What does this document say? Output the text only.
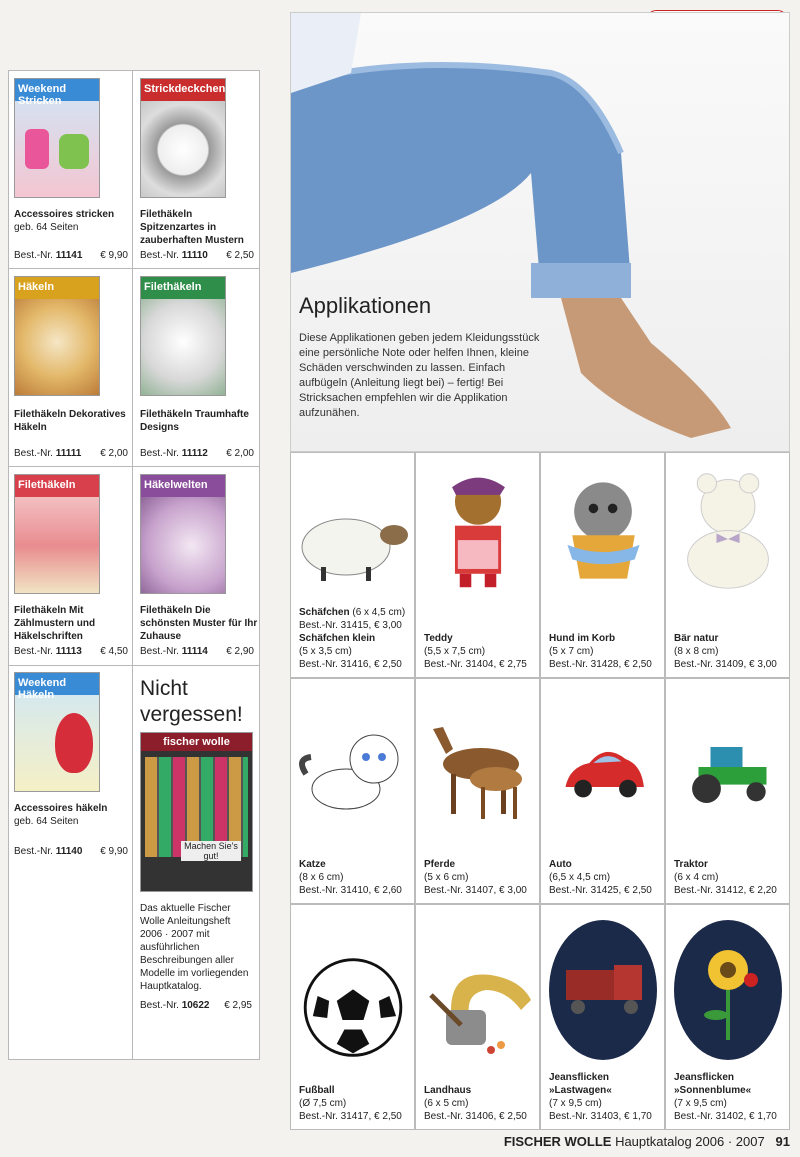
Weekend Stricken
Accessoires stricken
geb. 64 Seiten
Best.-Nr. 11141 € 9,90
Strickdeckchen
Filethäkeln Spitzenzartes in zauberhaften Mustern
Best.-Nr. 11110 € 2,50
Häkeln
Filethäkeln Dekoratives Häkeln
Best.-Nr. 11111 € 2,00
Filethäkeln
Filethäkeln Traumhafte Designs
Best.-Nr. 11112 € 2,00
Filethäkeln
Filethäkeln Mit Zählmustern und Häkelschriften
Best.-Nr. 11113 € 4,50
Häkelwelten
Filethäkeln Die schönsten Muster für Ihr Zuhause
Best.-Nr. 11114 € 2,90
Weekend Häkeln
Accessoires häkeln
geb. 64 Seiten
Best.-Nr. 11140 € 9,90
Nicht
vergessen!
fischer wolle
Machen Sie's gut!
Das aktuelle Fischer Wolle Anleitungsheft 2006 · 2007 mit ausführlichen Beschreibungen aller Modelle im vorliegenden Hauptkatalog.
Best.-Nr. 10622 € 2,95
Applikationen
Diese Applikationen geben jedem Kleidungsstück eine persönliche Note oder helfen Ihnen, kleine Schäden verschwinden zu lassen. Einfach aufbügeln (Anleitung liegt bei) – fertig! Bei Stricksachen empfehlen wir die Applikation aufzunähen.
Schäfchen (6 x 4,5 cm)
Best.-Nr. 31415, € 3,00
Schäfchen klein
(5 x 3,5 cm)
Best.-Nr. 31416, € 2,50
Teddy
(5,5 x 7,5 cm)
Best.-Nr. 31404, € 2,75
Hund im Korb
(5 x 7 cm)
Best.-Nr. 31428, € 2,50
Bär natur
(8 x 8 cm)
Best.-Nr. 31409, € 3,00
Katze
(8 x 6 cm)
Best.-Nr. 31410, € 2,60
Pferde
(5 x 6 cm)
Best.-Nr. 31407, € 3,00
Auto
(6,5 x 4,5 cm)
Best.-Nr. 31425, € 2,50
Traktor
(6 x 4 cm)
Best.-Nr. 31412, € 2,20
Fußball
(Ø 7,5 cm)
Best.-Nr. 31417, € 2,50
Landhaus
(6 x 5 cm)
Best.-Nr. 31406, € 2,50
Jeansflicken »Lastwagen«
(7 x 9,5 cm)
Best.-Nr. 31403, € 1,70
Jeansflicken »Sonnenblume«
(7 x 9,5 cm)
Best.-Nr. 31402, € 1,70
FISCHER WOLLE Hauptkatalog 2006 · 2007 91
